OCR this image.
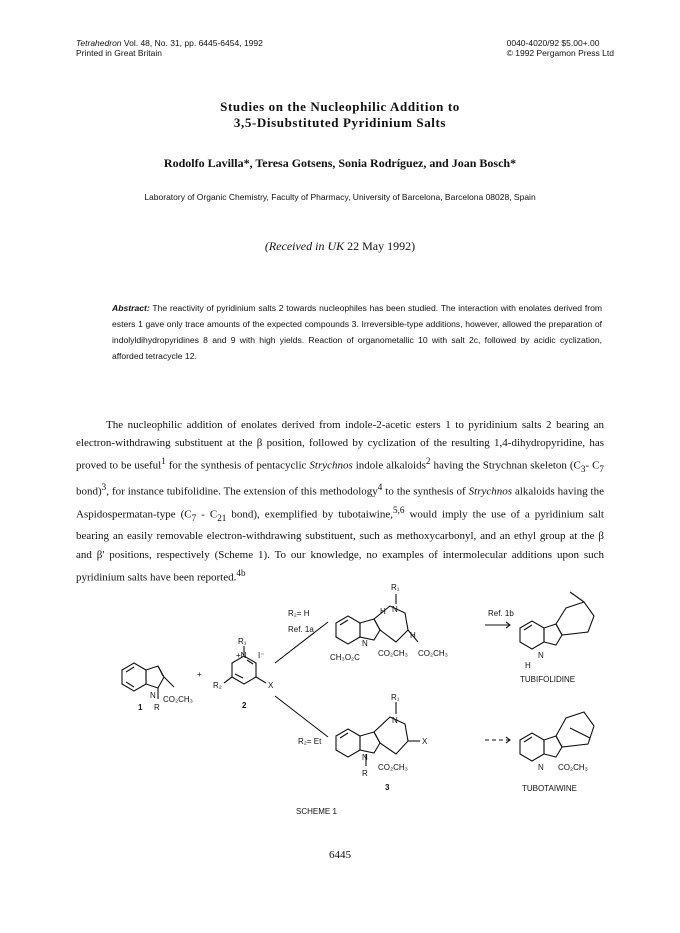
Tetrahedron Vol. 48, No. 31, pp. 6445-6454, 1992
Printed in Great Britain
0040-4020/92 $5.00+.00
© 1992 Pergamon Press Ltd
Studies on the Nucleophilic Addition to
3,5-Disubstituted Pyridinium Salts
Rodolfo Lavilla*, Teresa Gotsens, Sonia Rodríguez, and Joan Bosch*
Laboratory of Organic Chemistry, Faculty of Pharmacy, University of Barcelona, Barcelona 08028, Spain
(Received in UK 22 May 1992)
Abstract: The reactivity of pyridinium salts 2 towards nucleophiles has been studied. The interaction with enolates derived from esters 1 gave only trace amounts of the expected compounds 3. Irreversible-type additions, however, allowed the preparation of indolyldihydropyridines 8 and 9 with high yields. Reaction of organometallic 10 with salt 2c, followed by acidic cyclization, afforded tetracycle 12.

The nucleophilic addition of enolates derived from indole-2-acetic esters 1 to pyridinium salts 2 bearing an electron-withdrawing substituent at the β position, followed by cyclization of the resulting 1,4-dihydropyridine, has proved to be useful$^1$ for the synthesis of pentacyclic Strychnos indole alkaloids$^2$ having the Strychnan skeleton ($C_3-$ $C_7$ bond)$^3$, for instance tubifolidine. The extension of this methodology$^4$ to the synthesis of Strychnos alkaloids having the Aspidospermatan-type ($C_7 - C_{21}$ bond), exemplified by tubotaiwine,$^{5,6}$ would imply the use of a pyridinium salt bearing an easily removable electron-withdrawing substituent, such as methoxycarbonyl, and an ethyl group at the β and β' positions, respectively (Scheme 1). To our knowledge, no examples of intermolecular additions upon such pyridinium salts have been reported.$^{4b}$

N CO₂CH₃
R
1
+
R₁
+N I⁻
R₂	X
2
R₂= H
Ref. 1a
R₁
N
H
H
N
CH₃O₂C CO₂CH₃ CO₂CH₃
Ref. 1b
N
H
TUBIFOLIDINE
R₂= Et
R₁
N
X
N
R
CO₂CH₃
3
N CO₂CH₃
TUBOTAIWINE
SCHEME 1
6445
